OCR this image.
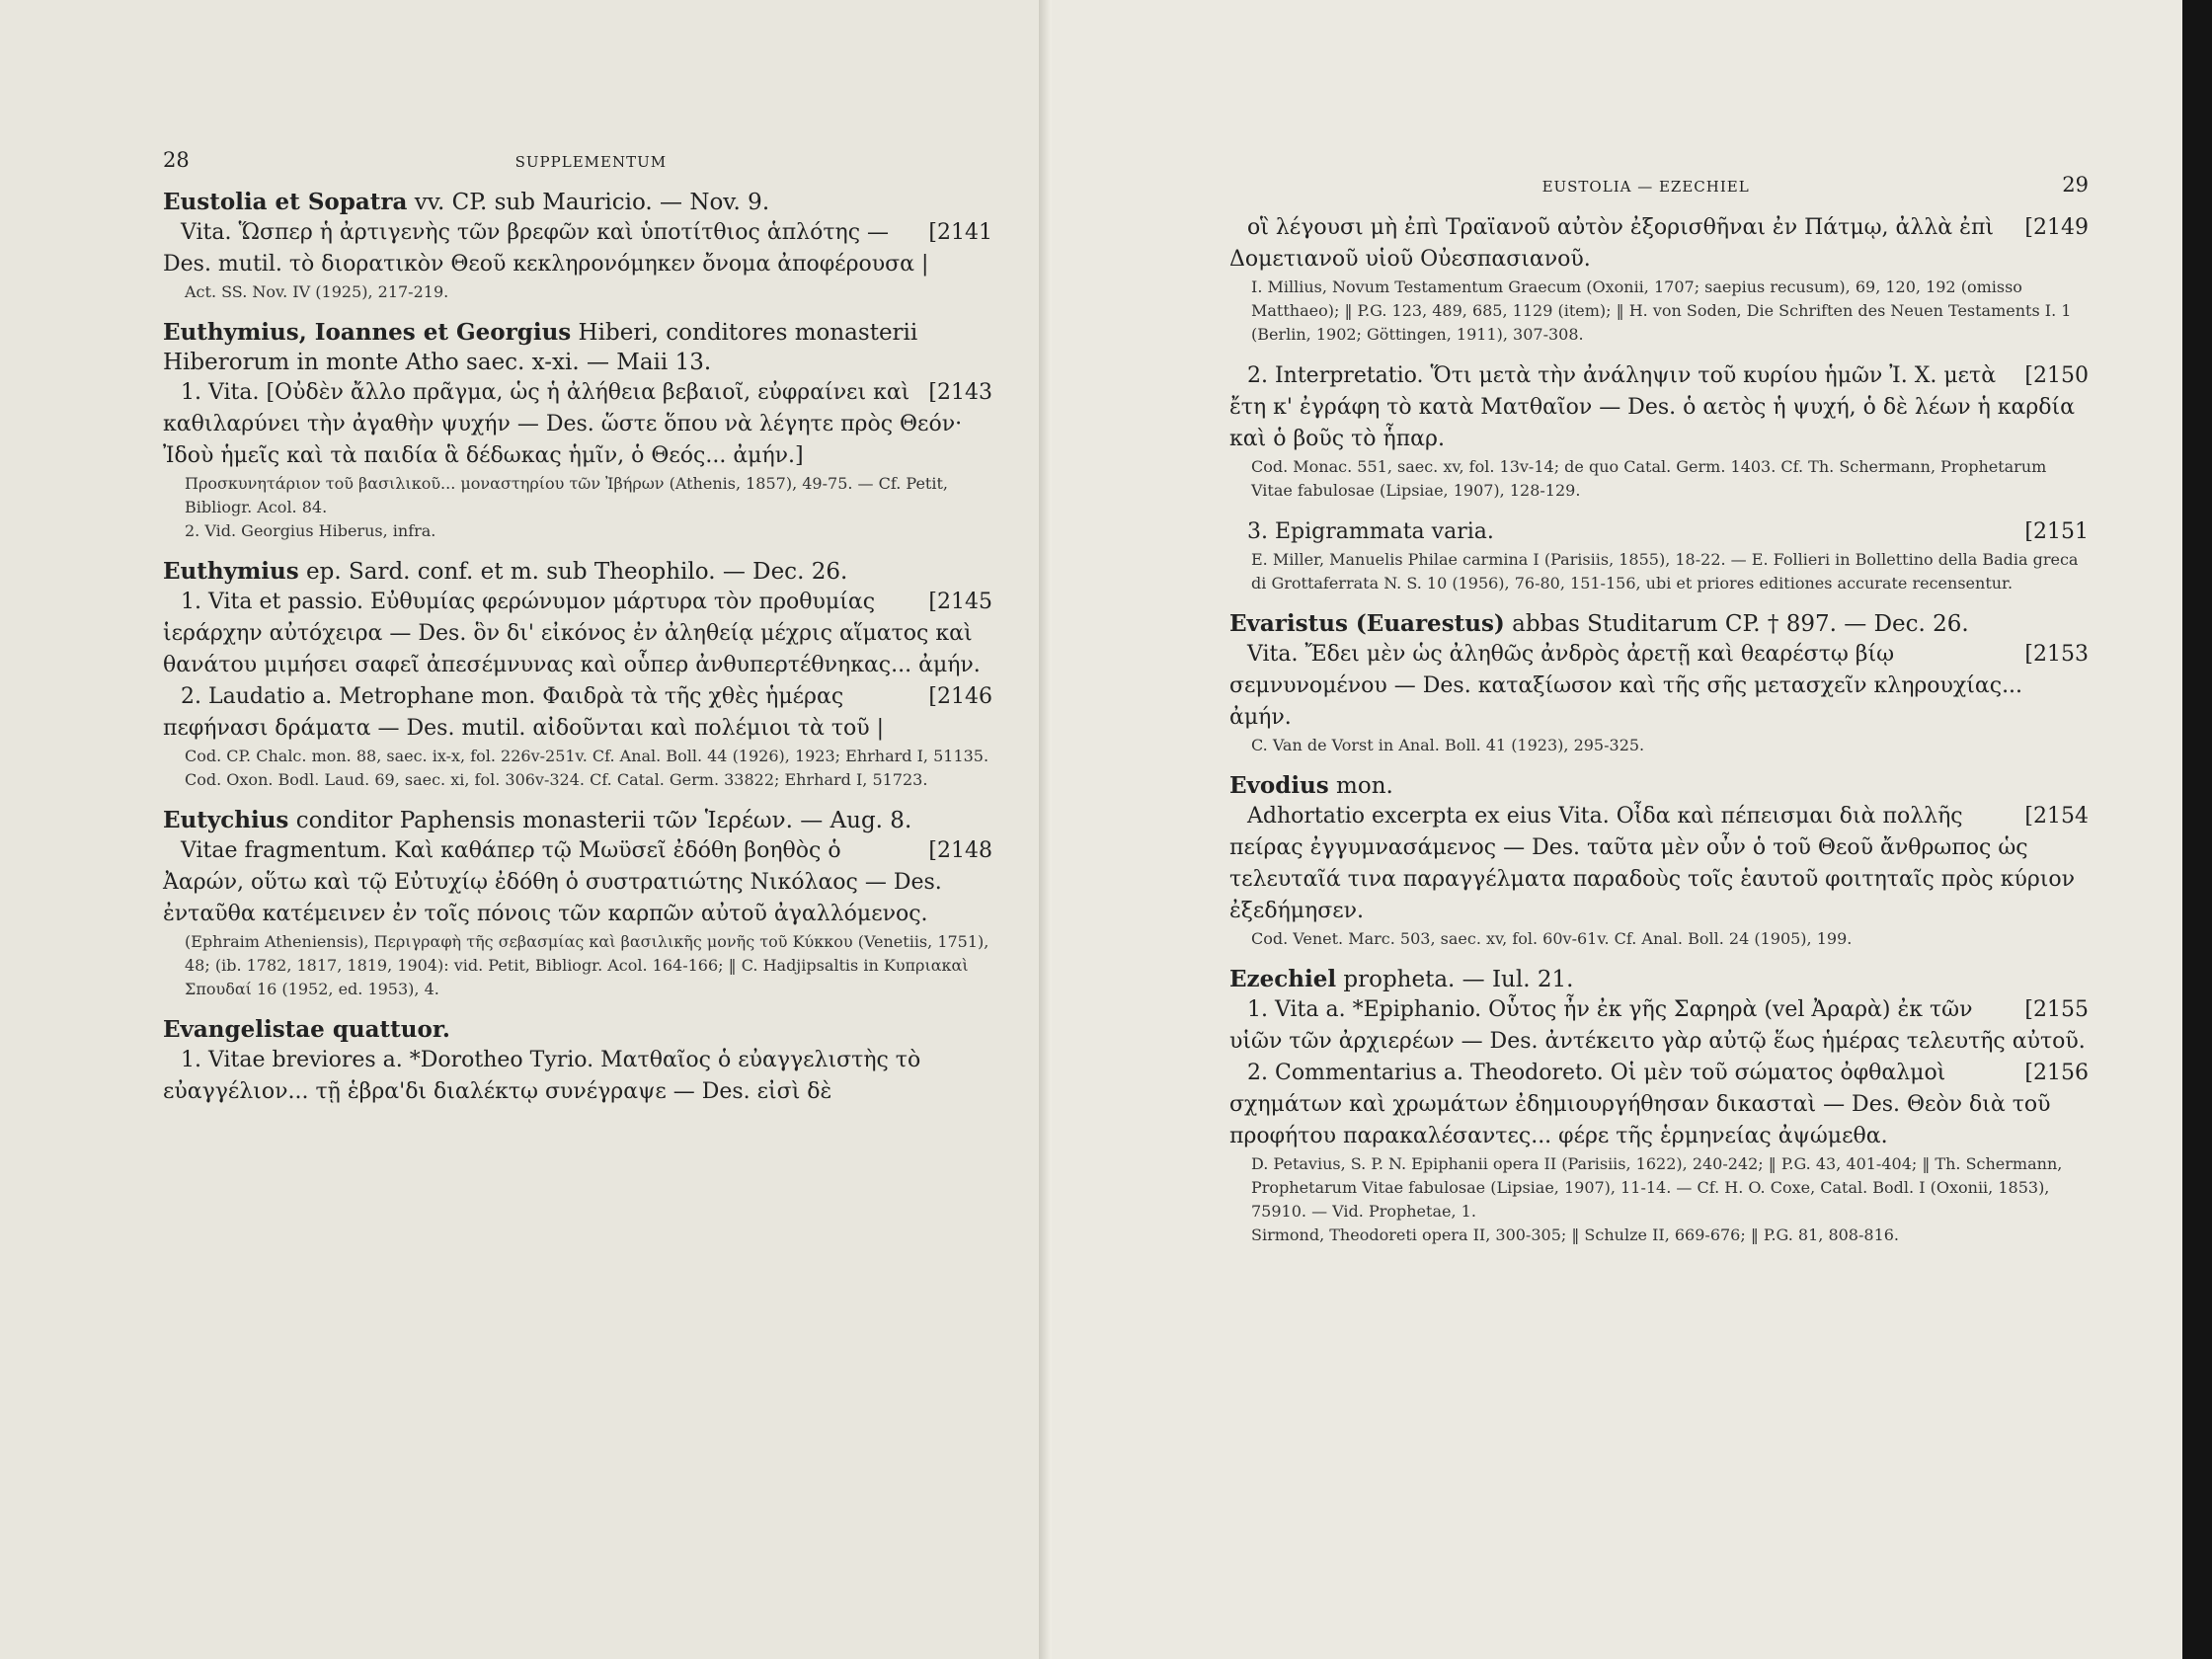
28	SUPPLEMENTUM
Eustolia et Sopatra vv. CP. sub Mauricio. — Nov. 9.
[2141
Vita. Ὥσπερ ἡ ἀρτιγενὴς τῶν βρεφῶν καὶ ὑποτίτθιος ἁπλότης — Des. mutil. τὸ διορατικὸν Θεοῦ κεκληρονόμηκεν ὄνομα ἀποφέρουσα |
Act. SS. Nov. IV (1925), 217-219.
Euthymius, Ioannes et Georgius Hiberi, conditores monasterii Hiberorum in monte Atho saec. x-xi. — Maii 13.
[2143
1. Vita. [Οὐδὲν ἄλλο πρᾶγμα, ὡς ἡ ἀλήθεια βεβαιοῖ, εὐφραίνει καὶ καθιλαρύνει τὴν ἀγαθὴν ψυχήν — Des. ὥστε ὅπου νὰ λέγητε πρὸς Θεόν· Ἰδοὺ ἡμεῖς καὶ τὰ παιδία ἃ δέδωκας ἡμῖν, ὁ Θεός... ἀμήν.]
Προσκυνητάριον τοῦ βασιλικοῦ... μοναστηρίου τῶν Ἰβήρων (Athenis, 1857), 49-75. — Cf. Petit, Bibliogr. Acol. 84.
2. Vid. Georgius Hiberus, infra.
Euthymius ep. Sard. conf. et m. sub Theophilo. — Dec. 26.
[2145
1. Vita et passio. Εὐθυμίας φερώνυμον μάρτυρα τὸν προθυμίας ἱεράρχην αὐτόχειρα — Des. ὃν δι' εἰκόνος ἐν ἀληθείᾳ μέχρις αἵματος καὶ θανάτου μιμήσει σαφεῖ ἀπεσέμνυνας καὶ οὗπερ ἀνθυπερτέθνηκας... ἀμήν.
[2146
2. Laudatio a. Metrophane mon. Φαιδρὰ τὰ τῆς χθὲς ἡμέρας πεφήνασι δράματα — Des. mutil. αἰδοῦνται καὶ πολέμιοι τὰ τοῦ |
Cod. CP. Chalc. mon. 88, saec. ix-x, fol. 226v-251v. Cf. Anal. Boll. 44 (1926), 1923; Ehrhard I, 51135.
Cod. Oxon. Bodl. Laud. 69, saec. xi, fol. 306v-324. Cf. Catal. Germ. 33822; Ehrhard I, 51723.
Eutychius conditor Paphensis monasterii τῶν Ἱερέων. — Aug. 8.
[2148
Vitae fragmentum. Καὶ καθάπερ τῷ Μωϋσεῖ ἐδόθη βοηθὸς ὁ Ἀαρών, οὕτω καὶ τῷ Εὐτυχίῳ ἐδόθη ὁ συστρατιώτης Νικόλαος — Des. ἐνταῦθα κατέμεινεν ἐν τοῖς πόνοις τῶν καρπῶν αὐτοῦ ἀγαλλόμενος.
(Ephraim Atheniensis), Περιγραφὴ τῆς σεβασμίας καὶ βασιλικῆς μονῆς τοῦ Κύκκου (Venetiis, 1751), 48; (ib. 1782, 1817, 1819, 1904): vid. Petit, Bibliogr. Acol. 164-166; ‖ C. Hadjipsaltis in Κυπριακαὶ Σπουδαί 16 (1952, ed. 1953), 4.
Evangelistae quattuor.
1. Vitae breviores a. *Dorotheo Tyrio. Ματθαῖος ὁ εὐαγγελιστὴς τὸ εὐαγγέλιον... τῇ ἑβρα'δι διαλέκτῳ συνέγραψε — Des. εἰσὶ δὲ
EUSTOLIA — EZECHIEL	29
[2149
οἳ λέγουσι μὴ ἐπὶ Τραϊανοῦ αὐτὸν ἐξορισθῆναι ἐν Πάτμῳ, ἀλλὰ ἐπὶ Δομετιανοῦ υἱοῦ Οὐεσπασιανοῦ.
I. Millius, Novum Testamentum Graecum (Oxonii, 1707; saepius recusum), 69, 120, 192 (omisso Matthaeo); ‖ P.G. 123, 489, 685, 1129 (item); ‖ H. von Soden, Die Schriften des Neuen Testaments I. 1 (Berlin, 1902; Göttingen, 1911), 307-308.
[2150
2. Interpretatio. Ὅτι μετὰ τὴν ἀνάληψιν τοῦ κυρίου ἡμῶν Ἰ. Χ. μετὰ ἔτη κ' ἐγράφη τὸ κατὰ Ματθαῖον — Des. ὁ αετὸς ἡ ψυχή, ὁ δὲ λέων ἡ καρδία καὶ ὁ βοῦς τὸ ἧπαρ.
Cod. Monac. 551, saec. xv, fol. 13v-14; de quo Catal. Germ. 1403. Cf. Th. Schermann, Prophetarum Vitae fabulosae (Lipsiae, 1907), 128-129.
[2151
3. Epigrammata varia.
E. Miller, Manuelis Philae carmina I (Parisiis, 1855), 18-22. — E. Follieri in Bollettino della Badia greca di Grottaferrata N. S. 10 (1956), 76-80, 151-156, ubi et priores editiones accurate recensentur.
Evaristus (Euarestus) abbas Studitarum CP. † 897. — Dec. 26.
[2153
Vita. Ἔδει μὲν ὡς ἀληθῶς ἀνδρὸς ἀρετῇ καὶ θεαρέστῳ βίῳ σεμνυνομένου — Des. καταξίωσον καὶ τῆς σῆς μετασχεῖν κληρουχίας... ἀμήν.
C. Van de Vorst in Anal. Boll. 41 (1923), 295-325.
Evodius mon.
[2154
Adhortatio excerpta ex eius Vita. Οἶδα καὶ πέπεισμαι διὰ πολλῆς πείρας ἐγγυμνασάμενος — Des. ταῦτα μὲν οὖν ὁ τοῦ Θεοῦ ἄνθρωπος ὡς τελευταῖά τινα παραγγέλματα παραδοὺς τοῖς ἑαυτοῦ φοιτηταῖς πρὸς κύριον ἐξεδήμησεν.
Cod. Venet. Marc. 503, saec. xv, fol. 60v-61v. Cf. Anal. Boll. 24 (1905), 199.
Ezechiel propheta. — Iul. 21.
[2155
1. Vita a. *Epiphanio. Οὗτος ἦν ἐκ γῆς Σαρηρὰ (vel Ἀραρὰ) ἐκ τῶν υἱῶν τῶν ἀρχιερέων — Des. ἀντέκειτο γὰρ αὐτῷ ἕως ἡμέρας τελευτῆς αὐτοῦ.
[2156
2. Commentarius a. Theodoreto. Οἱ μὲν τοῦ σώματος ὀφθαλμοὶ σχημάτων καὶ χρωμάτων ἐδημιουργήθησαν δικασταὶ — Des. Θεὸν διὰ τοῦ προφήτου παρακαλέσαντες... φέρε τῆς ἑρμηνείας ἀψώμεθα.
D. Petavius, S. P. N. Epiphanii opera II (Parisiis, 1622), 240-242; ‖ P.G. 43, 401-404; ‖ Th. Schermann, Prophetarum Vitae fabulosae (Lipsiae, 1907), 11-14. — Cf. H. O. Coxe, Catal. Bodl. I (Oxonii, 1853), 75910. — Vid. Prophetae, 1.
Sirmond, Theodoreti opera II, 300-305; ‖ Schulze II, 669-676; ‖ P.G. 81, 808-816.
